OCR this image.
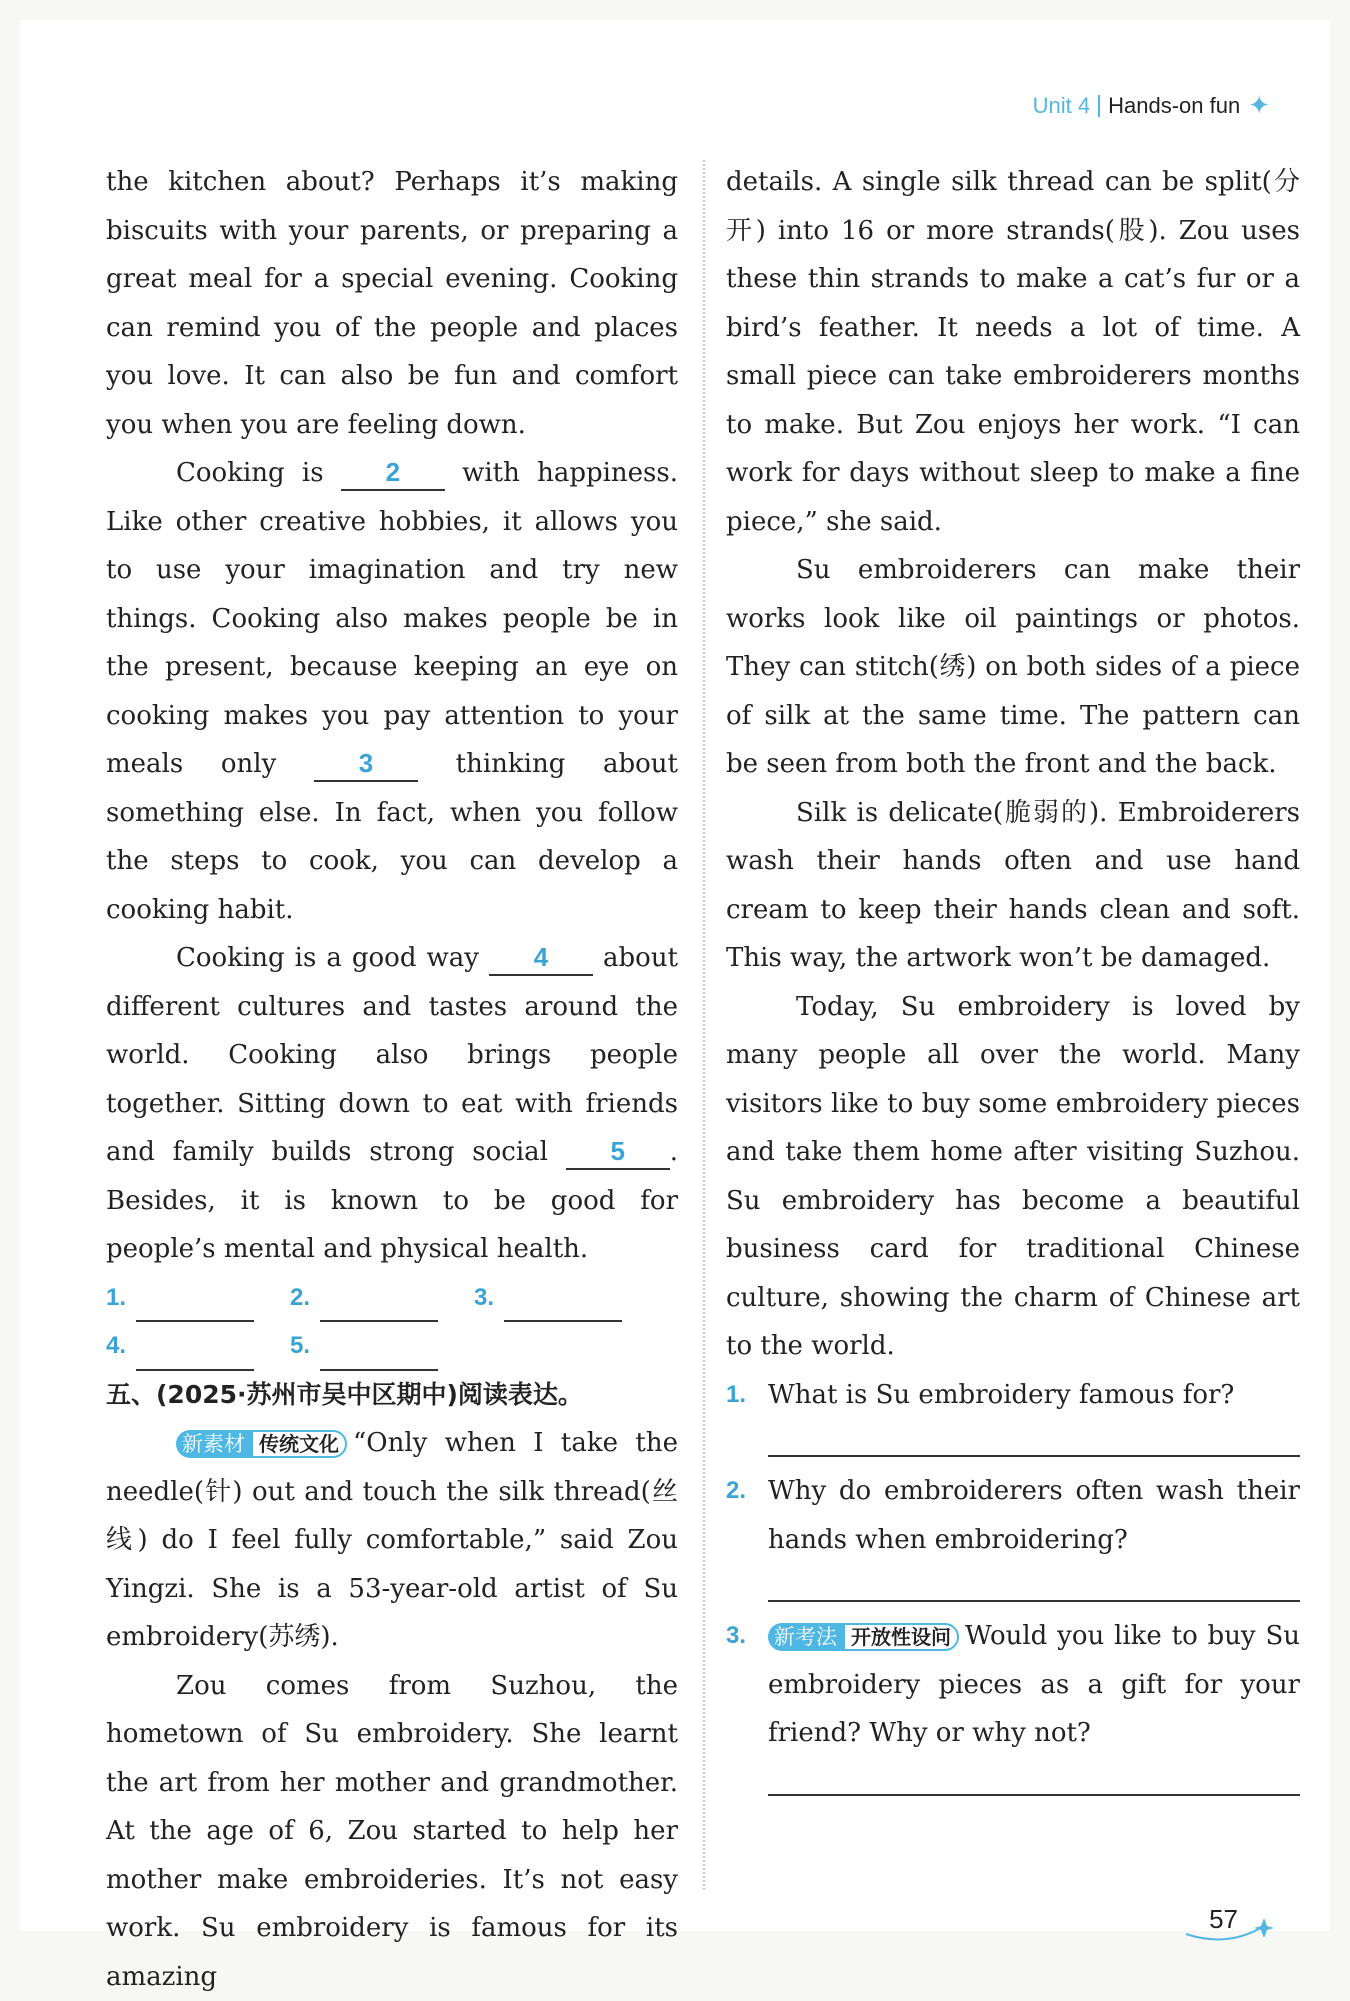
Unit 4 Hands-on fun ✦

the kitchen about? Perhaps it’s making biscuits with your parents, or preparing a great meal for a special evening. Cooking can remind you of the people and places you love. It can also be fun and comfort you when you are feeling down.

Cooking is 2 with happiness. Like other creative hobbies, it allows you to use your imagination and try new things. Cooking also makes people be in the present, because keeping an eye on cooking makes you pay attention to your meals only	3	thinking about something else. In fact, when you follow the steps to cook, you can develop a cooking habit.

Cooking is a good way 4 about different cultures and tastes around the world. Cooking also brings people together. Sitting down to eat with friends and family builds strong social 5 . Besides, it is known to be good for people’s mental and physical health.

1.	2.	3.
4.	5.

五、(2025·苏州市吴中区期中)阅读表达。

新素材 传统文化 “Only when I take the needle(针) out and touch the silk thread(丝线) do I feel fully comfortable,” said Zou Yingzi. She is a 53-year-old artist of Su embroidery(苏绣).

Zou comes from Suzhou, the hometown of Su embroidery. She learnt the art from her mother and grandmother. At the age of 6, Zou started to help her mother make embroideries. It’s not easy work. Su embroidery is famous for its amazing

details. A single silk thread can be split(分开) into 16 or more strands(股). Zou uses these thin strands to make a cat’s fur or a bird’s feather. It needs a lot of time. A small piece can take embroiderers months to make. But Zou enjoys her work. “I can work for days without sleep to make a fine piece,” she said.

Su embroiderers can make their works look like oil paintings or photos. They can stitch(绣) on both sides of a piece of silk at the same time. The pattern can be seen from both the front and the back.

Silk is delicate(脆弱的). Embroiderers wash their hands often and use hand cream to keep their hands clean and soft. This way, the artwork won’t be damaged.

Today, Su embroidery is loved by many people all over the world. Many visitors like to buy some embroidery pieces and take them home after visiting Suzhou. Su embroidery has become a beautiful business card for traditional Chinese culture, showing the charm of Chinese art to the world.

1. What is Su embroidery famous for?
2. Why do embroiderers often wash their hands when embroidering?
3.	新考法 开放性设问 Would you like to buy Su embroidery pieces as a gift for your friend? Why or why not?
57
